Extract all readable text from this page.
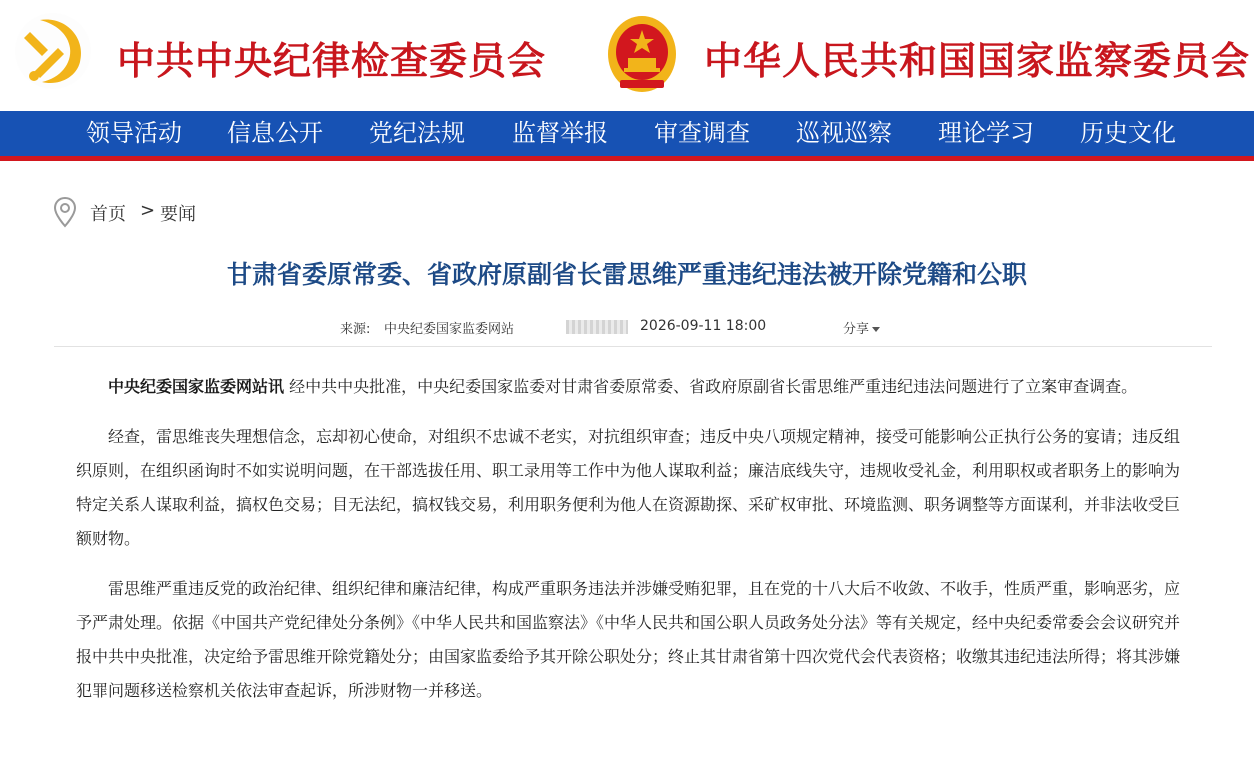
中共中央纪律检查委员会	中华人民共和国国家监察委员会
领导活动 信息公开 党纪法规 监督举报 审查调查 巡视巡察 理论学习 历史文化
首页 > 要闻
甘肃省委原常委、省政府原副省长雷思维严重违纪违法被开除党籍和公职
来源: 中央纪委国家监委网站	2026-09-11 18:00	分享

中央纪委国家监委网站讯 经中共中央批准，中央纪委国家监委对甘肃省委原常委、省政府原副省长雷思维严重违纪违法问题进行了立案审查调查。

经查，雷思维丧失理想信念，忘却初心使命，对组织不忠诚不老实，对抗组织审查；违反中央八项规定精神，接受可能影响公正执行公务的宴请；违反组织原则，在组织函询时不如实说明问题，在干部选拔任用、职工录用等工作中为他人谋取利益；廉洁底线失守，违规收受礼金，利用职权或者职务上的影响为特定关系人谋取利益，搞权色交易；目无法纪，搞权钱交易，利用职务便利为他人在资源勘探、采矿权审批、环境监测、职务调整等方面谋利，并非法收受巨额财物。

雷思维严重违反党的政治纪律、组织纪律和廉洁纪律，构成严重职务违法并涉嫌受贿犯罪，且在党的十八大后不收敛、不收手，性质严重，影响恶劣，应予严肃处理。依据《中国共产党纪律处分条例》《中华人民共和国监察法》《中华人民共和国公职人员政务处分法》等有关规定，经中央纪委常委会会议研究并报中共中央批准，决定给予雷思维开除党籍处分；由国家监委给予其开除公职处分；终止其甘肃省第十四次党代会代表资格；收缴其违纪违法所得；将其涉嫌犯罪问题移送检察机关依法审查起诉，所涉财物一并移送。
